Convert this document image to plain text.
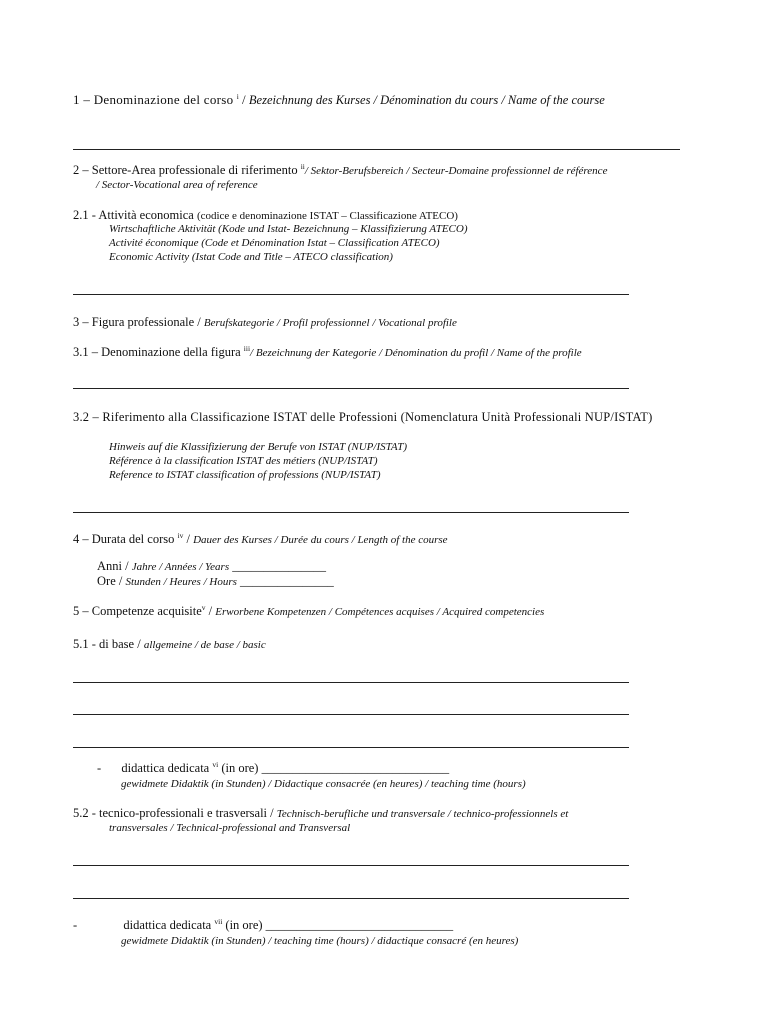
1 – Denominazione del corso $^i$ / Bezeichnung des Kurses / Dénomination du cours / Name of the course
2 – Settore-Area professionale di riferimento $^{ii}$/ Sektor-Berufsbereich / Secteur-Domaine professionnel de référence
/ Sector-Vocational area of reference
2.1 - Attività economica (codice e denominazione ISTAT – Classificazione ATECO)
Wirtschaftliche Aktivität (Kode und Istat- Bezeichnung – Klassifizierung ATECO)
Activité économique (Code et Dénomination Istat – Classification ATECO)
Economic Activity (Istat Code and Title – ATECO classification)
3 – Figura professionale / Berufskategorie / Profil professionnel / Vocational profile
3.1 – Denominazione della figura $^{iii}$/ Bezeichnung der Kategorie / Dénomination du profil / Name of the profile
3.2 – Riferimento alla Classificazione ISTAT delle Professioni (Nomenclatura Unità Professionali NUP/ISTAT)
Hinweis auf die Klassifizierung der Berufe von ISTAT (NUP/ISTAT)
Référence à la classification ISTAT des métiers (NUP/ISTAT)
Reference to ISTAT classification of professions (NUP/ISTAT)
4 – Durata del corso $^{iv}$ / Dauer des Kurses / Durée du cours / Length of the course
Anni / Jahre / Années / Years _______________
Ore / Stunden / Heures / Hours _______________
5 – Competenze acquisite$^v$ / Erworbene Kompetenzen / Compétences acquises / Acquired competencies
5.1 - di base / allgemeine / de base / basic
- didattica dedicata $^{vi}$ (in ore) ______________________________
gewidmete Didaktik (in Stunden) / Didactique consacrée (en heures) / teaching time (hours)
5.2 - tecnico-professionali e trasversali / Technisch-berufliche und transversale / technico-professionnels et
transversales / Technical-professional and Transversal
-	didattica dedicata $^{vii}$ (in ore) ______________________________
gewidmete Didaktik (in Stunden) / teaching time (hours) / didactique consacré (en heures)
